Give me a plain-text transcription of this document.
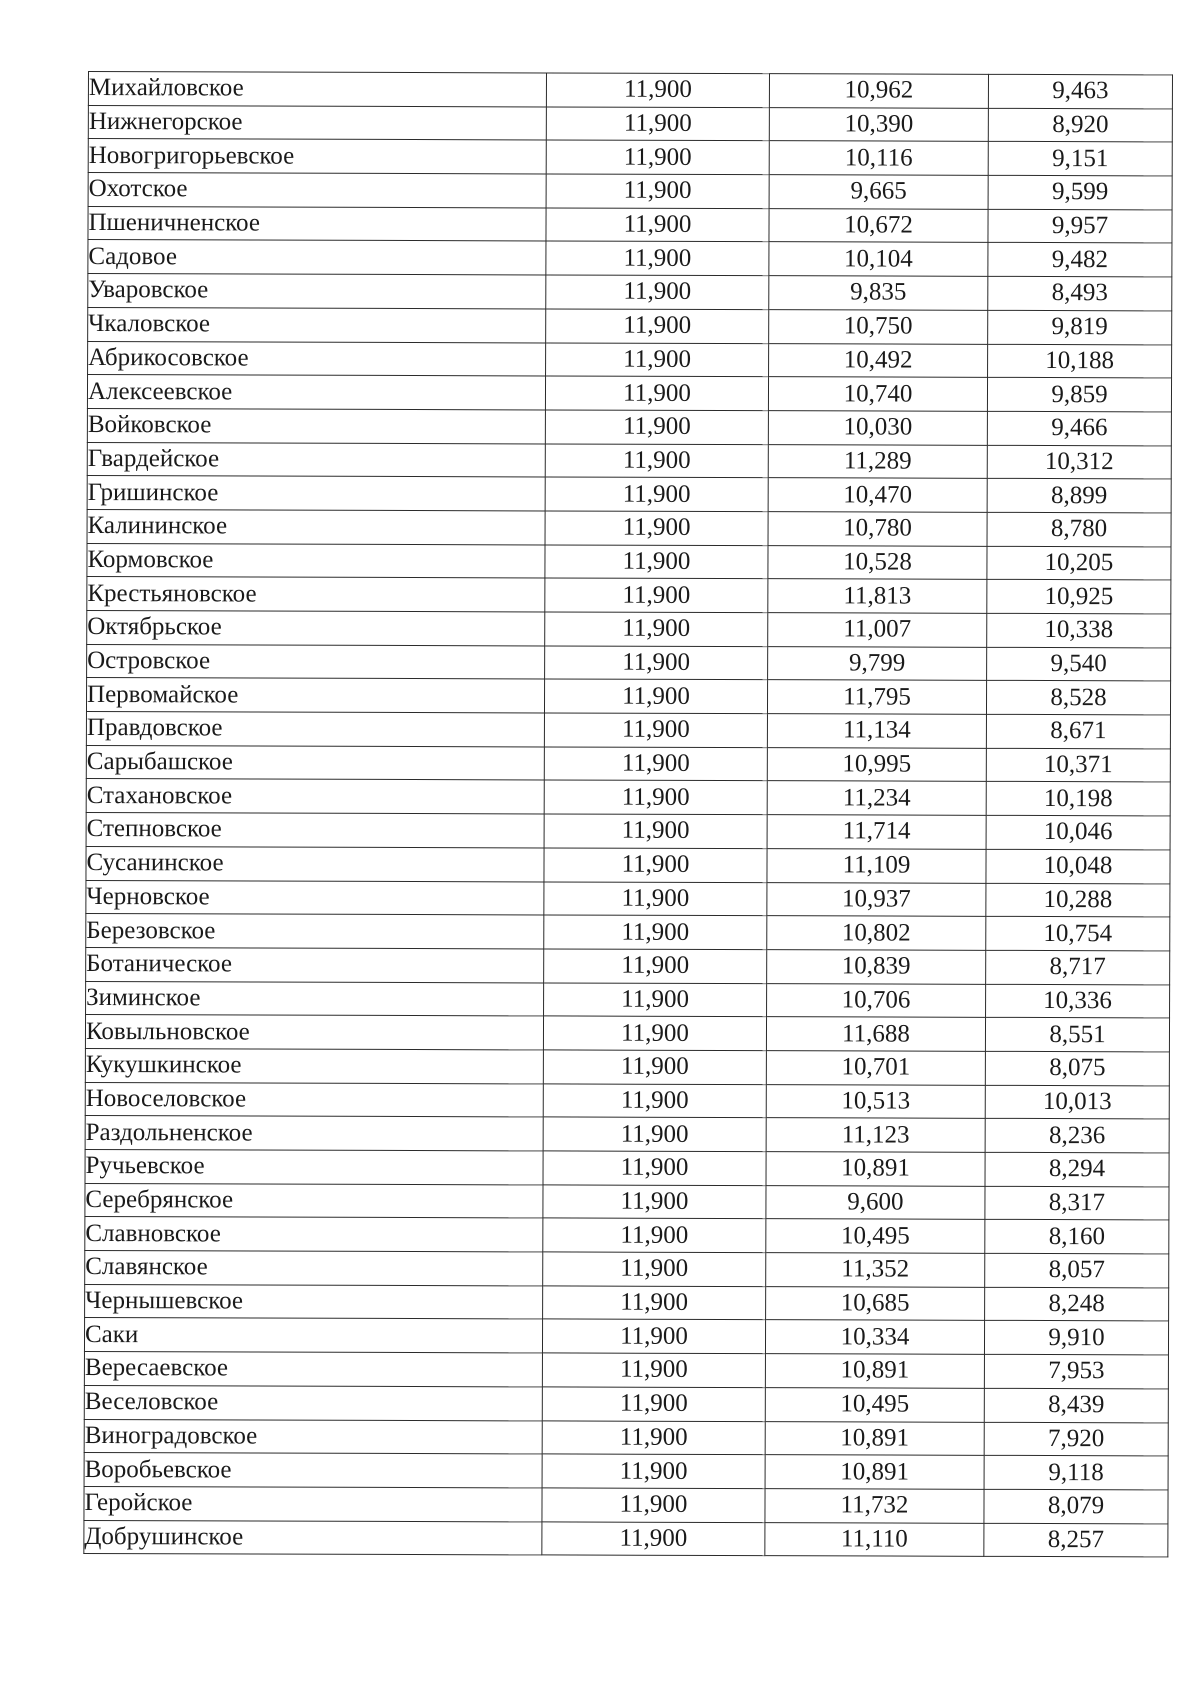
Михайловское	11,900	10,962	9,463
Нижнегорское	11,900	10,390	8,920
Новогригорьевское	11,900	10,116	9,151
Охотское	11,900	9,665	9,599
Пшеничненское	11,900	10,672	9,957
Садовое	11,900	10,104	9,482
Уваровское	11,900	9,835	8,493
Чкаловское	11,900	10,750	9,819
Абрикосовское	11,900	10,492	10,188
Алексеевское	11,900	10,740	9,859
Войковское	11,900	10,030	9,466
Гвардейское	11,900	11,289	10,312
Гришинское	11,900	10,470	8,899
Калининское	11,900	10,780	8,780
Кормовское	11,900	10,528	10,205
Крестьяновское	11,900	11,813	10,925
Октябрьское	11,900	11,007	10,338
Островское	11,900	9,799	9,540
Первомайское	11,900	11,795	8,528
Правдовское	11,900	11,134	8,671
Сарыбашское	11,900	10,995	10,371
Стахановское	11,900	11,234	10,198
Степновское	11,900	11,714	10,046
Сусанинское	11,900	11,109	10,048
Черновское	11,900	10,937	10,288
Березовское	11,900	10,802	10,754
Ботаническое	11,900	10,839	8,717
Зиминское	11,900	10,706	10,336
Ковыльновское	11,900	11,688	8,551
Кукушкинское	11,900	10,701	8,075
Новоселовское	11,900	10,513	10,013
Раздольненское	11,900	11,123	8,236
Ручьевское	11,900	10,891	8,294
Серебрянское	11,900	9,600	8,317
Славновское	11,900	10,495	8,160
Славянское	11,900	11,352	8,057
Чернышевское	11,900	10,685	8,248
Саки	11,900	10,334	9,910
Вересаевское	11,900	10,891	7,953
Веселовское	11,900	10,495	8,439
Виноградовское	11,900	10,891	7,920
Воробьевское	11,900	10,891	9,118
Геройское	11,900	11,732	8,079
Добрушинское	11,900	11,110	8,257
